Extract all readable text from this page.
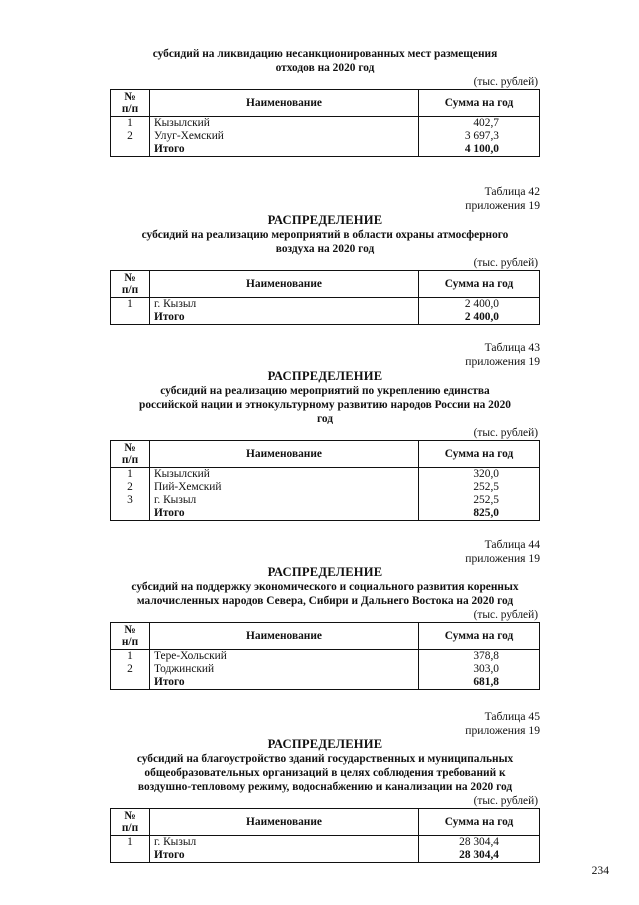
субсидий на ликвидацию несанкционированных мест размещения

отходов на 2020 год

(тыс. рублей)
№
п/п	Наименование	Сумма на год
1	Кызылский	402,7
2	Улуг-Хемский	3 697,3
	Итого	4 100,0
Таблица 42
приложения 19

РАСПРЕДЕЛЕНИЕ

субсидий на реализацию мероприятий в области охраны атмосферного

воздуха на 2020 год

(тыс. рублей)
№
п/п	Наименование	Сумма на год
1	г. Кызыл	2 400,0
	Итого	2 400,0
Таблица 43
приложения 19

РАСПРЕДЕЛЕНИЕ

субсидий на реализацию мероприятий по укреплению единства

российской нации и этнокультурному развитию народов России на 2020

год

(тыс. рублей)
№
п/п	Наименование	Сумма на год
1	Кызылский	320,0
2	Пий-Хемский	252,5
3	г. Кызыл	252,5
	Итого	825,0
Таблица 44
приложения 19

РАСПРЕДЕЛЕНИЕ

субсидий на поддержку экономического и социального развития коренных

малочисленных народов Севера, Сибири и Дальнего Востока на 2020 год

(тыс. рублей)
№
н/п	Наименование	Сумма на год
1	Тере-Хольский	378,8
2	Тоджинский	303,0
	Итого	681,8
Таблица 45
приложения 19

РАСПРЕДЕЛЕНИЕ

субсидий на благоустройство зданий государственных и муниципальных

общеобразовательных организаций в целях соблюдения требований к

воздушно-тепловому режиму, водоснабжению и канализации на 2020 год

(тыс. рублей)
№
п/п	Наименование	Сумма на год
1	г. Кызыл	28 304,4
	Итого	28 304,4
234
